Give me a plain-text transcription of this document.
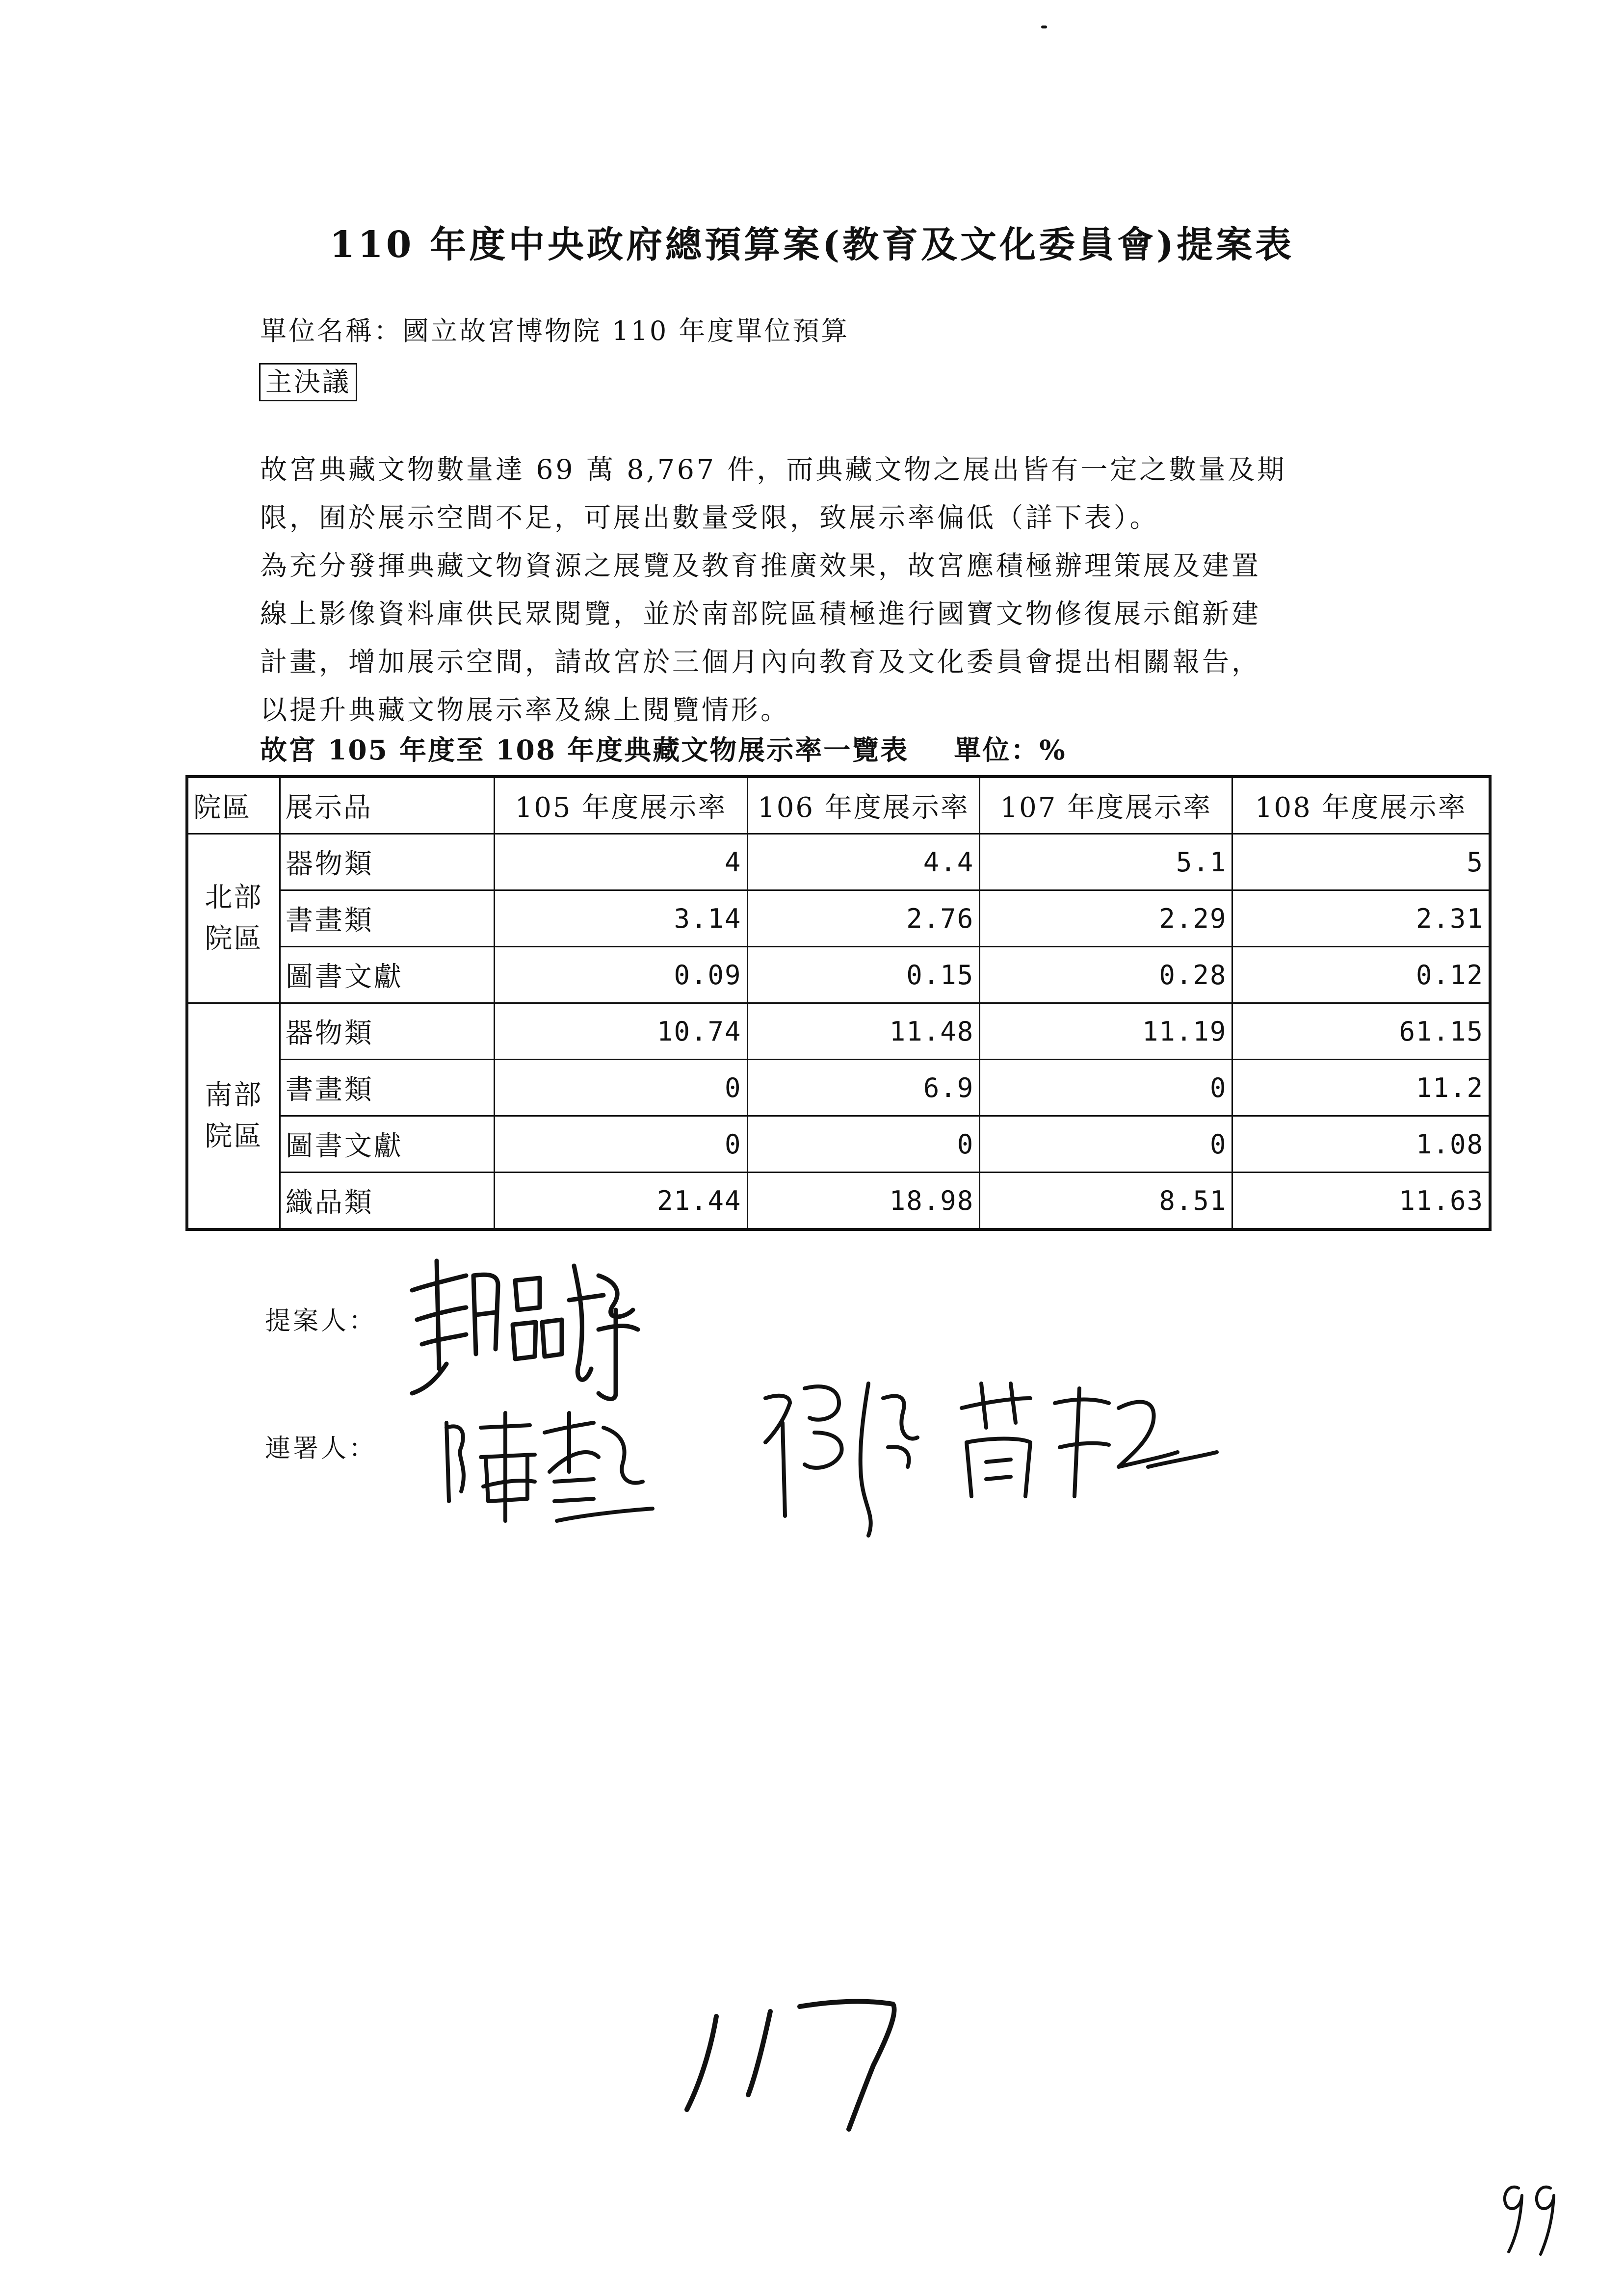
110 年度中央政府總預算案(教育及文化委員會)提案表
單位名稱：國立故宮博物院 110 年度單位預算
主決議

故宮典藏文物數量達 69 萬 8,767 件，而典藏文物之展出皆有一定之數量及期

限，囿於展示空間不足，可展出數量受限，致展示率偏低（詳下表）。

為充分發揮典藏文物資源之展覽及教育推廣效果，故宮應積極辦理策展及建置

線上影像資料庫供民眾閱覽，並於南部院區積極進行國寶文物修復展示館新建

計畫，增加展示空間，請故宮於三個月內向教育及文化委員會提出相關報告，

以提升典藏文物展示率及線上閱覽情形。

故宮 105 年度至 108 年度典藏文物展示率一覽表 單位：%
院區	展示品	105 年度展示率	106 年度展示率	107 年度展示率	108 年度展示率

北部
院區	器物類	4	4.4	5.1	5
	書畫類	3.14	2.76	2.29	2.31
	圖書文獻	0.09	0.15	0.28	0.12

南部
院區	器物類	10.74	11.48	11.19	61.15
	書畫類	0	6.9	0	11.2
	圖書文獻	0	0	0	1.08
	織品類	21.44	18.98	8.51	11.63
提案人：
連署人：
